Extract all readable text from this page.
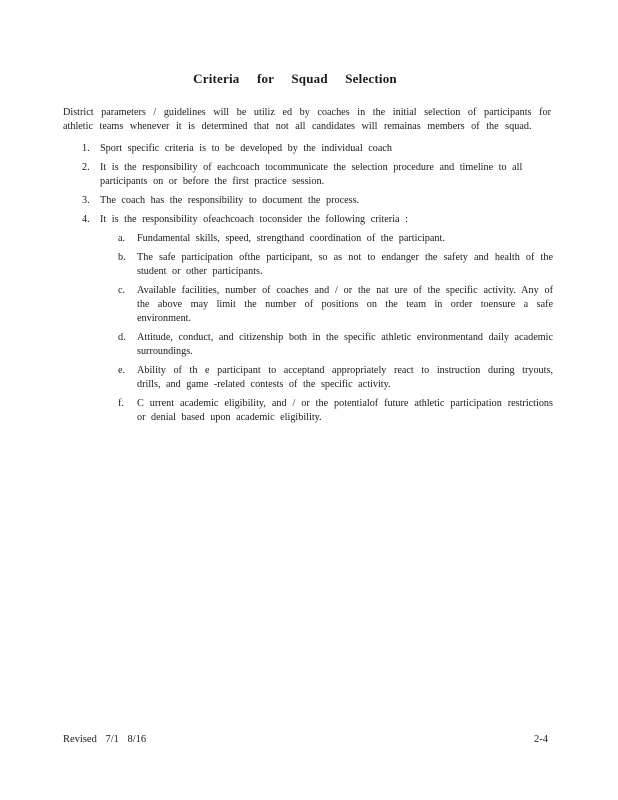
Criteria for Squad Selection
District parameters / guidelines will be utiliz ed by coaches in the initial selection of participants for athletic teams whenever it is determined that not all candidates will remainas members of the squad.
1. Sport specific criteria is to be developed by the individual coach
2. It is the responsibility of eachcoach tocommunicate the selection procedure and timeline to all participants on or before the first practice session.
3. The coach has the responsibility to document the process.
4. It is the responsibility ofeachcoach toconsider the following criteria :
a. Fundamental skills, speed, strengthand coordination of the participant.
b. The safe participation ofthe participant, so as not to endanger the safety and health of the student or other participants.
c. Available facilities, number of coaches and / or the nat ure of the specific activity. Any of the above may limit the number of positions on the team in order toensure a safe environment.
d. Attitude, conduct, and citizenship both in the specific athletic environmentand daily academic surroundings.
e. Ability of th e participant to acceptand appropriately react to instruction during tryouts, drills, and game -related contests of the specific activity.
f. C urrent academic eligibility, and / or the potentialof future athletic participation restrictions or denial based upon academic eligibility.
Revised 7/1 8/16	2-4
